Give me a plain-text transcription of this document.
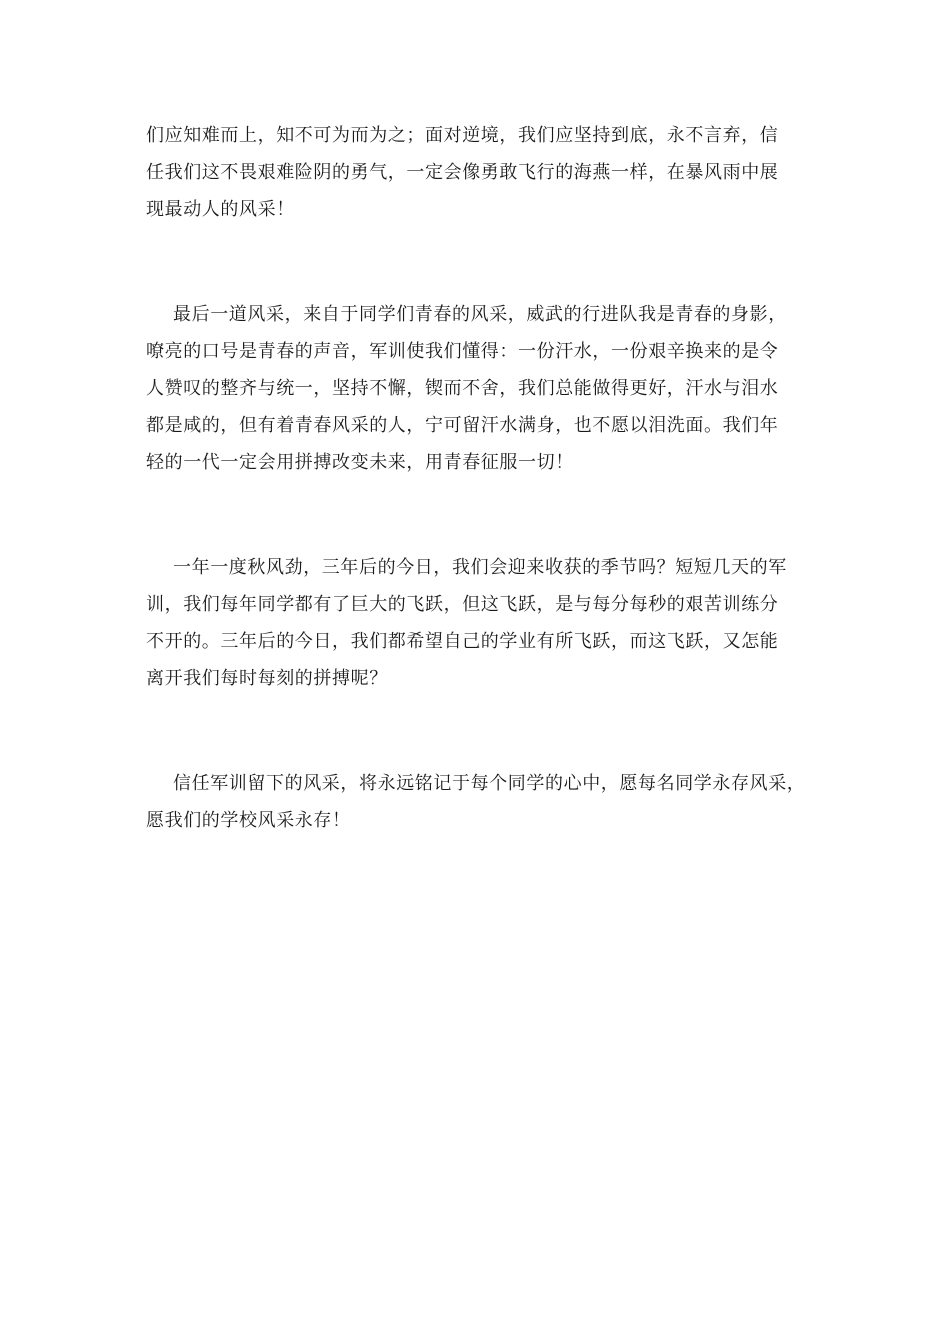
们应知难而上，知不可为而为之；面对逆境，我们应坚持到底，永不言弃，信

任我们这不畏艰难险阴的勇气，一定会像勇敢飞行的海燕一样，在暴风雨中展

现最动人的风采！

最后一道风采，来自于同学们青春的风采，威武的行进队我是青春的身影，

嘹亮的口号是青春的声音，军训使我们懂得：一份汗水，一份艰辛换来的是令

人赞叹的整齐与统一，坚持不懈，锲而不舍，我们总能做得更好，汗水与泪水

都是咸的，但有着青春风采的人，宁可留汗水满身，也不愿以泪洗面。我们年

轻的一代一定会用拼搏改变未来，用青春征服一切！

一年一度秋风劲，三年后的今日，我们会迎来收获的季节吗？短短几天的军

训，我们每年同学都有了巨大的飞跃，但这飞跃，是与每分每秒的艰苦训练分

不开的。三年后的今日，我们都希望自己的学业有所飞跃，而这飞跃，又怎能

离开我们每时每刻的拼搏呢？

信任军训留下的风采，将永远铭记于每个同学的心中，愿每名同学永存风采，

愿我们的学校风采永存！
